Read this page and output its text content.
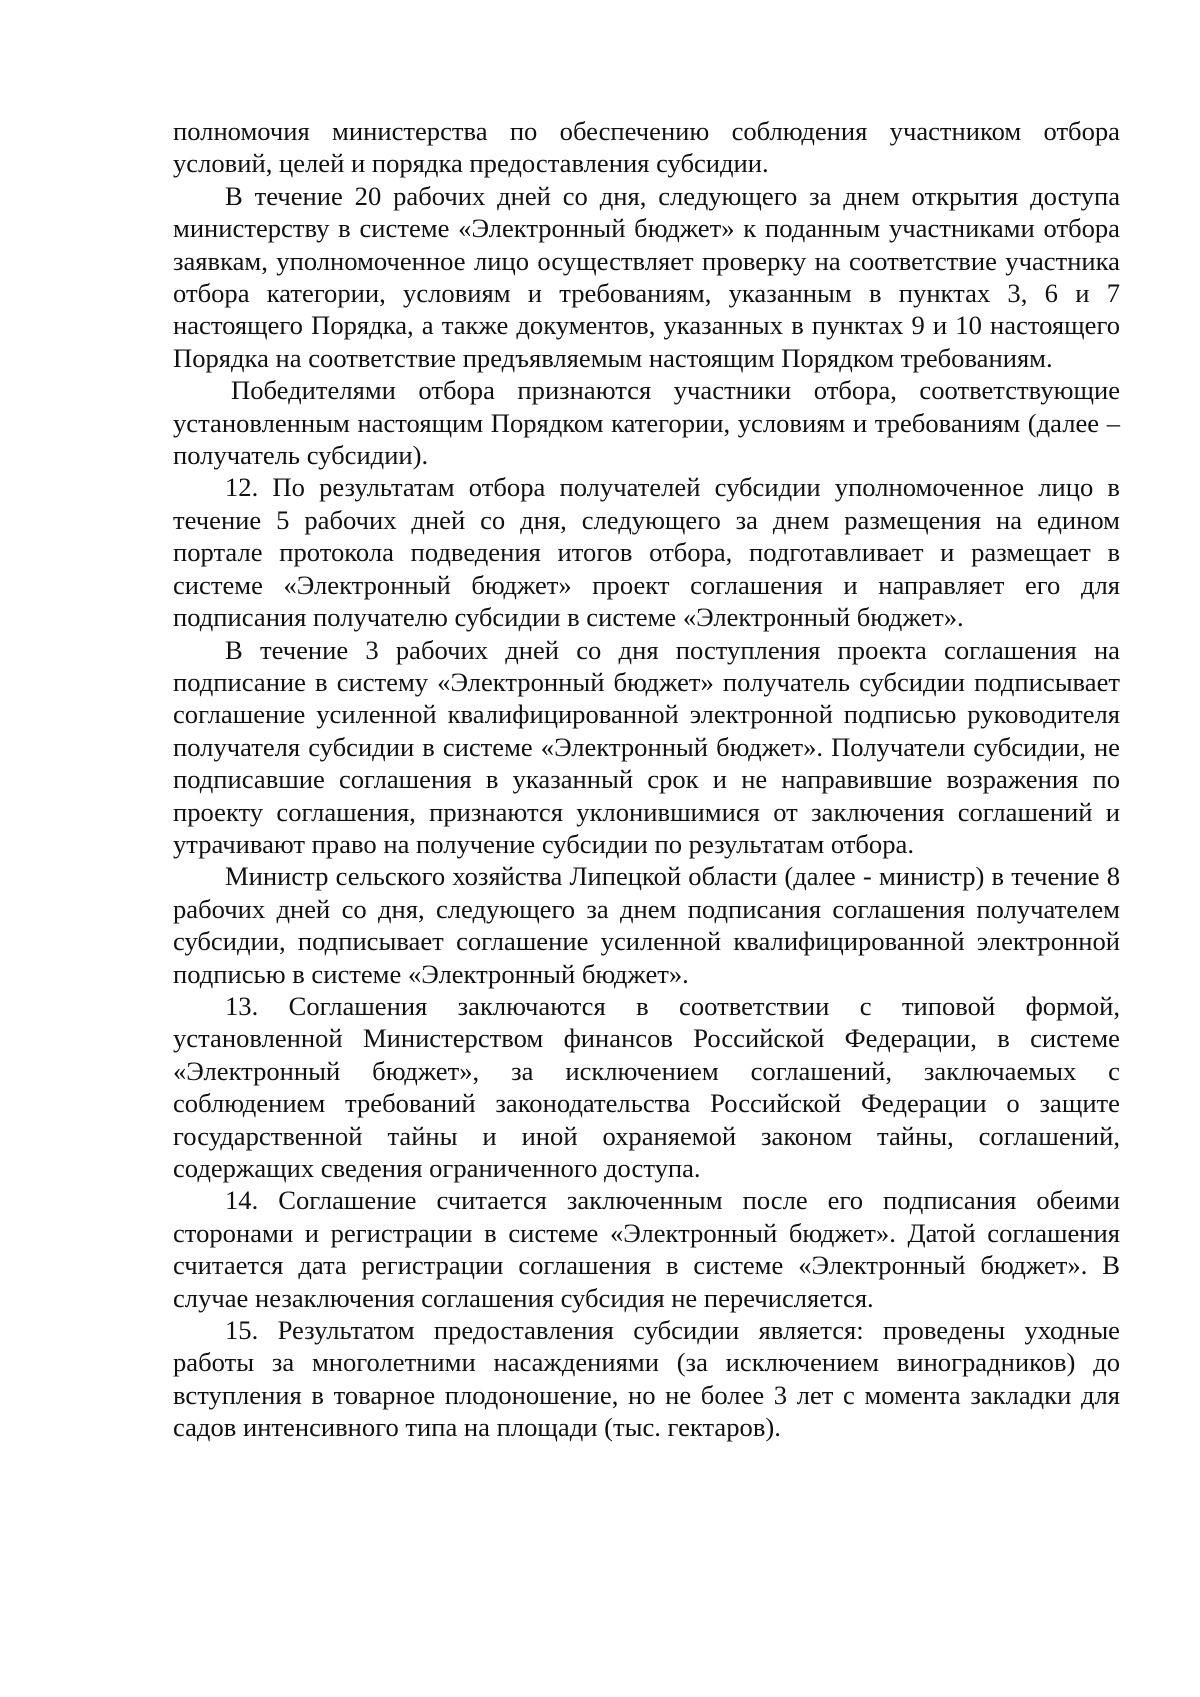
полномочия министерства по обеспечению соблюдения участником отбора условий, целей и порядка предоставления субсидии.

В течение 20 рабочих дней со дня, следующего за днем открытия доступа министерству в системе «Электронный бюджет» к поданным участниками отбора заявкам, уполномоченное лицо осуществляет проверку на соответствие участника отбора категории, условиям и требованиям, указанным в пунктах 3, 6 и 7 настоящего Порядка, а также документов, указанных в пунктах 9 и 10 настоящего Порядка на соответствие предъявляемым настоящим Порядком требованиям.

Победителями отбора признаются участники отбора, соответствующие установленным настоящим Порядком категории, условиям и требованиям (далее – получатель субсидии).

12. По результатам отбора получателей субсидии уполномоченное лицо в течение 5 рабочих дней со дня, следующего за днем размещения на едином портале протокола подведения итогов отбора, подготавливает и размещает в системе «Электронный бюджет» проект соглашения и направляет его для подписания получателю субсидии в системе «Электронный бюджет».

В течение 3 рабочих дней со дня поступления проекта соглашения на подписание в систему «Электронный бюджет» получатель субсидии подписывает соглашение усиленной квалифицированной электронной подписью руководителя получателя субсидии в системе «Электронный бюджет». Получатели субсидии, не подписавшие соглашения в указанный срок и не направившие возражения по проекту соглашения, признаются уклонившимися от заключения соглашений и утрачивают право на получение субсидии по результатам отбора.

Министр сельского хозяйства Липецкой области (далее - министр) в течение 8 рабочих дней со дня, следующего за днем подписания соглашения получателем субсидии, подписывает соглашение усиленной квалифицированной электронной подписью в системе «Электронный бюджет».

13. Соглашения заключаются в соответствии с типовой формой, установленной Министерством финансов Российской Федерации, в системе «Электронный бюджет», за исключением соглашений, заключаемых с соблюдением требований законодательства Российской Федерации о защите государственной тайны и иной охраняемой законом тайны, соглашений, содержащих сведения ограниченного доступа.

14. Соглашение считается заключенным после его подписания обеими сторонами и регистрации в системе «Электронный бюджет». Датой соглашения считается дата регистрации соглашения в системе «Электронный бюджет». В случае незаключения соглашения субсидия не перечисляется.

15. Результатом предоставления субсидии является: проведены уходные работы за многолетними насаждениями (за исключением виноградников) до вступления в товарное плодоношение, но не более 3 лет с момента закладки для садов интенсивного типа на площади (тыс. гектаров).
